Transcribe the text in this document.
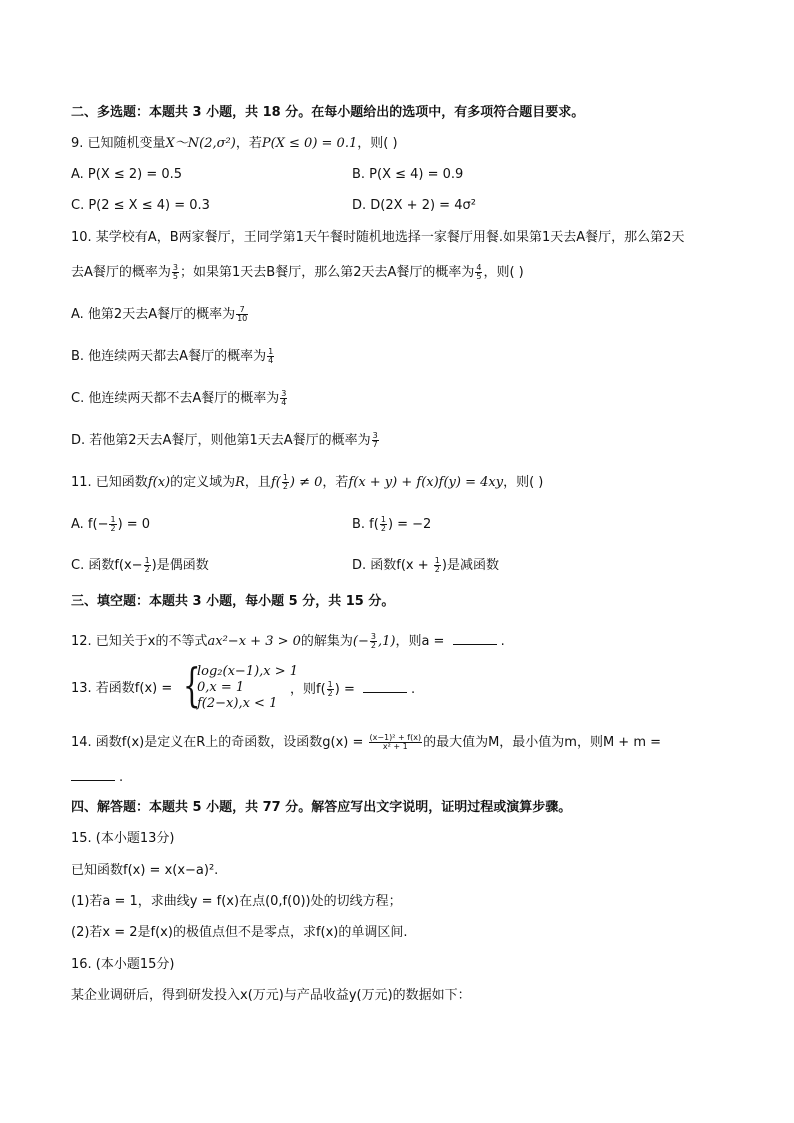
二、多选题：本题共 3 小题，共 18 分。在每小题给出的选项中，有多项符合题目要求。
9. 已知随机变量X～N(2,σ²)，若P(X ≤ 0) = 0.1，则( )
A. P(X ≤ 2) = 0.5	B. P(X ≤ 4) = 0.9
C. P(2 ≤ X ≤ 4) = 0.3	D. D(2X + 2) = 4σ²
10. 某学校有A，B两家餐厅，王同学第1天午餐时随机地选择一家餐厅用餐.如果第1天去A餐厅，那么第2天
去A餐厅的概率为 $\frac{3}{5}$ ；如果第1天去B餐厅，那么第2天去A餐厅的概率为 $\frac{4}{5}$ ，则( )
A. 他第2天去A餐厅的概率为 $\frac{7}{10}$
B. 他连续两天都去A餐厅的概率为 $\frac{1}{4}$
C. 他连续两天都不去A餐厅的概率为 $\frac{3}{4}$
D. 若他第2天去A餐厅，则他第1天去A餐厅的概率为 $\frac{3}{7}$
11. 已知函数f(x)的定义域为R，且$f( \frac{1}{2}$ ) ≠ 0，若f(x + y) + f(x)f(y) = 4xy，则( )
A. $f(- \frac{1}{2}$ ) = 0	B. $f( \frac{1}{2}$ ) = −2
C. 函数$f(x- \frac{1}{2}$ )是偶函数	D. 函数$f(x + \frac{1}{2}$ )是减函数
三、填空题：本题共 3 小题，每小题 5 分，共 15 分。
12. 已知关于x的不等式ax²−x + 3 > 0的解集为(− $\frac{3}{2} ,1$)，则a =	.
13. 若函数f(x) = {
log₂(x−1),x > 1
0,x = 1
f(2−x),x < 1
，则$f( \frac{1}{2}$ ) =	.
14. 函数f(x)是定义在R上的奇函数，设函数$g(x) = \frac{\text{(x−1)² + f(x)}}{\text{x² + 1}}$ 的最大值为M，最小值为m，则M + m =
.
四、解答题：本题共 5 小题，共 77 分。解答应写出文字说明，证明过程或演算步骤。
15. (本小题13分)
已知函数f(x) = x(x−a)².
(1)若a = 1，求曲线y = f(x)在点(0,f(0))处的切线方程；
(2)若x = 2是f(x)的极值点但不是零点，求f(x)的单调区间.
16. (本小题15分)
某企业调研后，得到研发投入x(万元)与产品收益y(万元)的数据如下：
